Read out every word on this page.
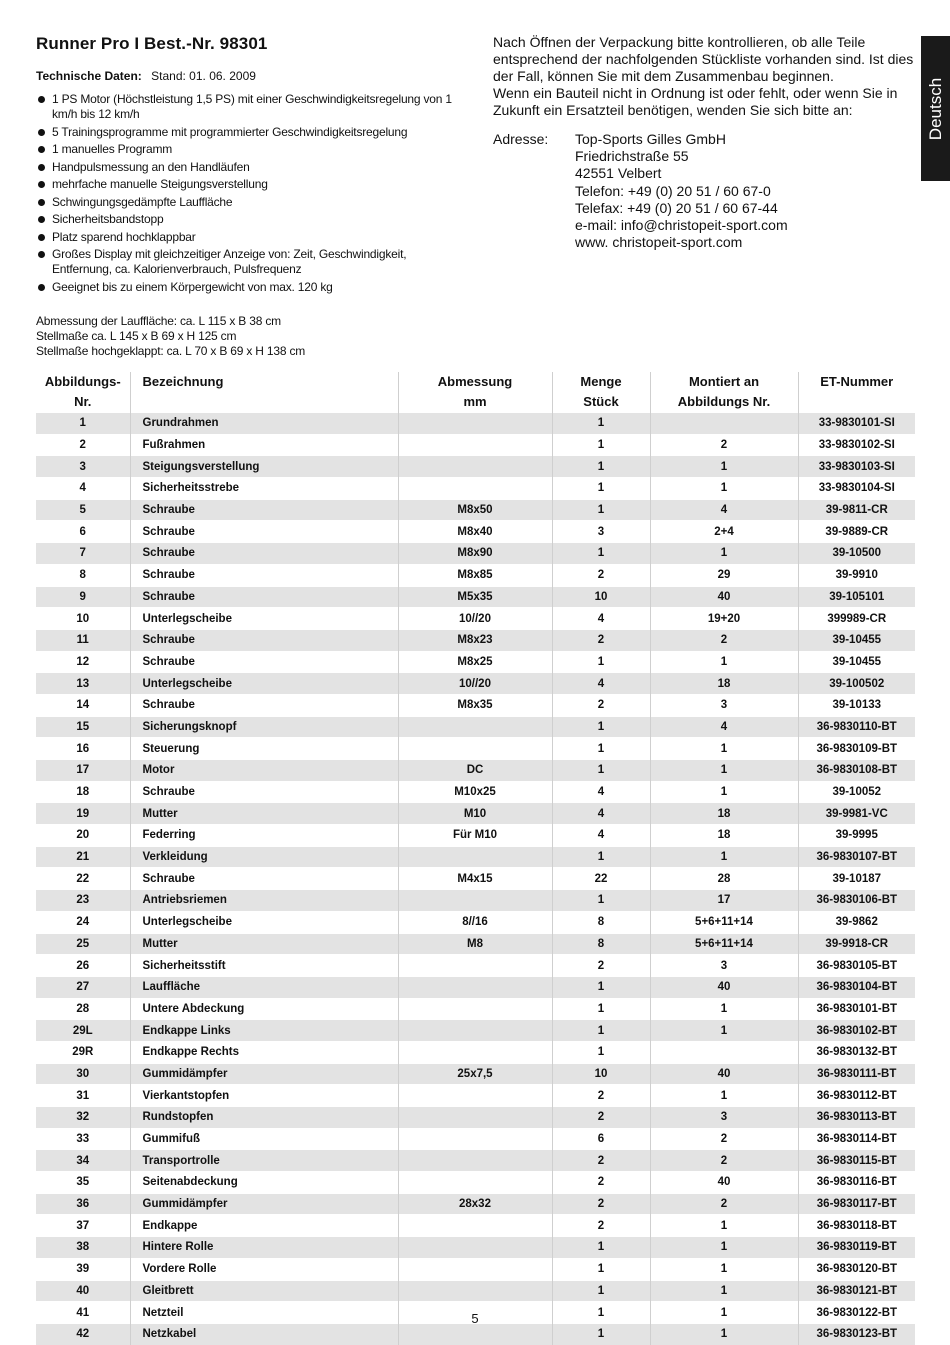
Runner Pro I Best.-Nr. 98301
Technische Daten: Stand: 01. 06. 2009
1 PS Motor (Höchstleistung 1,5 PS) mit einer Geschwindigkeitsregelung von 1 km/h bis 12 km/h
5 Trainingsprogramme mit programmierter Geschwindigkeitsregelung
1 manuelles Programm
Handpulsmessung an den Handläufen
mehrfache manuelle Steigungsverstellung
Schwingungsgedämpfte Lauffläche
Sicherheitsbandstopp
Platz sparend hochklappbar
Großes Display mit gleichzeitiger Anzeige von: Zeit, Geschwindigkeit, Entfernung, ca. Kalorienverbrauch, Pulsfrequenz
Geeignet bis zu einem Körpergewicht von max. 120 kg
Abmessung der Lauffläche: ca. L 115 x B 38 cm
Stellmaße ca. L 145 x B 69 x H 125 cm
Stellmaße hochgeklappt: ca. L 70 x B 69 x H 138 cm

Nach Öffnen der Verpackung bitte kontrollieren, ob alle Teile entsprechend der nachfolgenden Stückliste vorhanden sind. Ist dies der Fall, können Sie mit dem Zusammenbau beginnen.

Wenn ein Bauteil nicht in Ordnung ist oder fehlt, oder wenn Sie in Zukunft ein Ersatzteil benötigen, wenden Sie sich bitte an:

Adresse: Top-Sports Gilles GmbH
Friedrichstraße 55
42551 Velbert
Telefon: +49 (0) 20 51 / 60 67-0
Telefax: +49 (0) 20 51 / 60 67-44
e-mail: info@christopeit-sport.com
www. christopeit-sport.com
Deutsch
Abbildungs-	Bezeichnung	Abmessung	Menge	Montiert an	ET-Nummer
Nr.		mm	Stück	Abbildungs Nr.	
1	Grundrahmen		1		33-9830101-SI
2	Fußrahmen		1	2	33-9830102-SI
3	Steigungsverstellung		1	1	33-9830103-SI
4	Sicherheitsstrebe		1	1	33-9830104-SI
5	Schraube	M8x50	1	4	39-9811-CR
6	Schraube	M8x40	3	2+4	39-9889-CR
7	Schraube	M8x90	1	1	39-10500
8	Schraube	M8x85	2	29	39-9910
9	Schraube	M5x35	10	40	39-105101
10	Unterlegscheibe	10//20	4	19+20	399989-CR
11	Schraube	M8x23	2	2	39-10455
12	Schraube	M8x25	1	1	39-10455
13	Unterlegscheibe	10//20	4	18	39-100502
14	Schraube	M8x35	2	3	39-10133
15	Sicherungsknopf		1	4	36-9830110-BT
16	Steuerung		1	1	36-9830109-BT
17	Motor	DC	1	1	36-9830108-BT
18	Schraube	M10x25	4	1	39-10052
19	Mutter	M10	4	18	39-9981-VC
20	Federring	Für M10	4	18	39-9995
21	Verkleidung		1	1	36-9830107-BT
22	Schraube	M4x15	22	28	39-10187
23	Antriebsriemen		1	17	36-9830106-BT
24	Unterlegscheibe	8//16	8	5+6+11+14	39-9862
25	Mutter	M8	8	5+6+11+14	39-9918-CR
26	Sicherheitsstift		2	3	36-9830105-BT
27	Lauffläche		1	40	36-9830104-BT
28	Untere Abdeckung		1	1	36-9830101-BT
29L	Endkappe Links		1	1	36-9830102-BT
29R	Endkappe Rechts		1		36-9830132-BT
30	Gummidämpfer	25x7,5	10	40	36-9830111-BT
31	Vierkantstopfen		2	1	36-9830112-BT
32	Rundstopfen		2	3	36-9830113-BT
33	Gummifuß		6	2	36-9830114-BT
34	Transportrolle		2	2	36-9830115-BT
35	Seitenabdeckung		2	40	36-9830116-BT
36	Gummidämpfer	28x32	2	2	36-9830117-BT
37	Endkappe		2	1	36-9830118-BT
38	Hintere Rolle		1	1	36-9830119-BT
39	Vordere Rolle		1	1	36-9830120-BT
40	Gleitbrett		1	1	36-9830121-BT
41	Netzteil		1	1	36-9830122-BT
42	Netzkabel		1	1	36-9830123-BT
5
